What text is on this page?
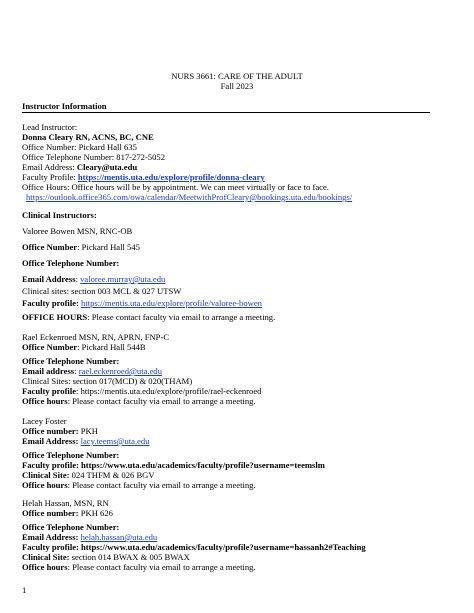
NURS 3661: CARE OF THE ADULT
Fall 2023
Instructor Information
Lead Instructor:
Donna Cleary RN, ACNS, BC, CNE
Office Number: Pickard Hall 635
Office Telephone Number: 817-272-5052
Email Address: Cleary@uta.edu
Faculty Profile: https://mentis.uta.edu/explore/profile/donna-cleary
Office Hours: Office hours will be by appointment. We can meet virtually or face to face.
https://outlook.office365.com/owa/calendar/MeetwithProfCleary@bookings.uta.edu/bookings/
Clinical Instructors:
Valoree Bowen MSN, RNC-OB
Office Number: Pickard Hall 545
Office Telephone Number:
Email Address: valoree.murray@uta.edu
Clinical sites: section 003 MCL & 027 UTSW
Faculty profile: https://mentis.uta.edu/explore/profile/valoree-bowen
OFFICE HOURS: Please contact faculty via email to arrange a meeting.
Rael Eckenroed MSN, RN, APRN, FNP-C
Office Number: Pickard Hall 544B
Office Telephone Number:
Email address: rael.eckenroed@uta.edu
Clinical Sites: section 017(MCD) & 020(THAM)
Faculty profile: https://mentis.uta.edu/explore/profile/rael-eckenroed
Office hours: Please contact faculty via email to arrange a meeting.
Lacey Foster
Office number: PKH
Email Address: lacy.teems@uta.edu
Office Telephone Number:
Faculty profile: https://www.uta.edu/academics/faculty/profile?username=teemslm
Clinical Site: 024 THFM & 026 BGV
Office hours: Please contact faculty via email to arrange a meeting.
Helah Hassan, MSN, RN
Office number: PKH 626
Office Telephone Number:
Email Address: helah.hassan@uta.edu
Faculty profile: https://www.uta.edu/academics/faculty/profile?username=hassanh2#Teaching
Clinical Site: section 014 BWAX & 005 BWAX
Office hours: Please contact faculty via email to arrange a meeting.
1
